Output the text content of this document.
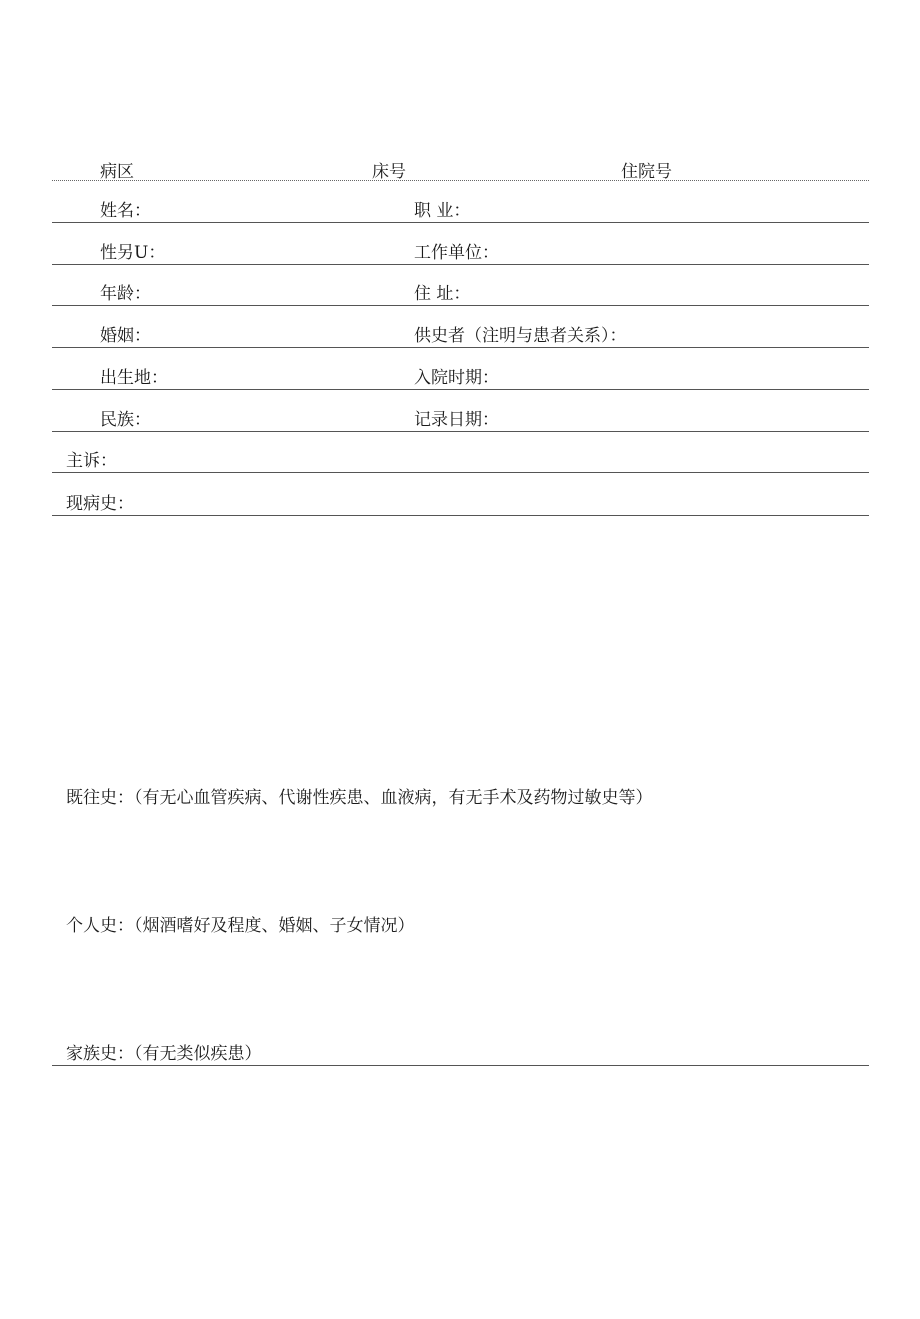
病区	床号	住院号
姓名：	职 业：
性另U：	工作单位：
年龄：	住 址：
婚姻：	供史者（注明与患者关系）：
出生地：	入院时期：
民族：	记录日期：
主诉：
现病史：
既往史：（有无心血管疾病、代谢性疾患、血液病，有无手术及药物过敏史等）
个人史：（烟酒嗜好及程度、婚姻、子女情况）
家族史：（有无类似疾患）
